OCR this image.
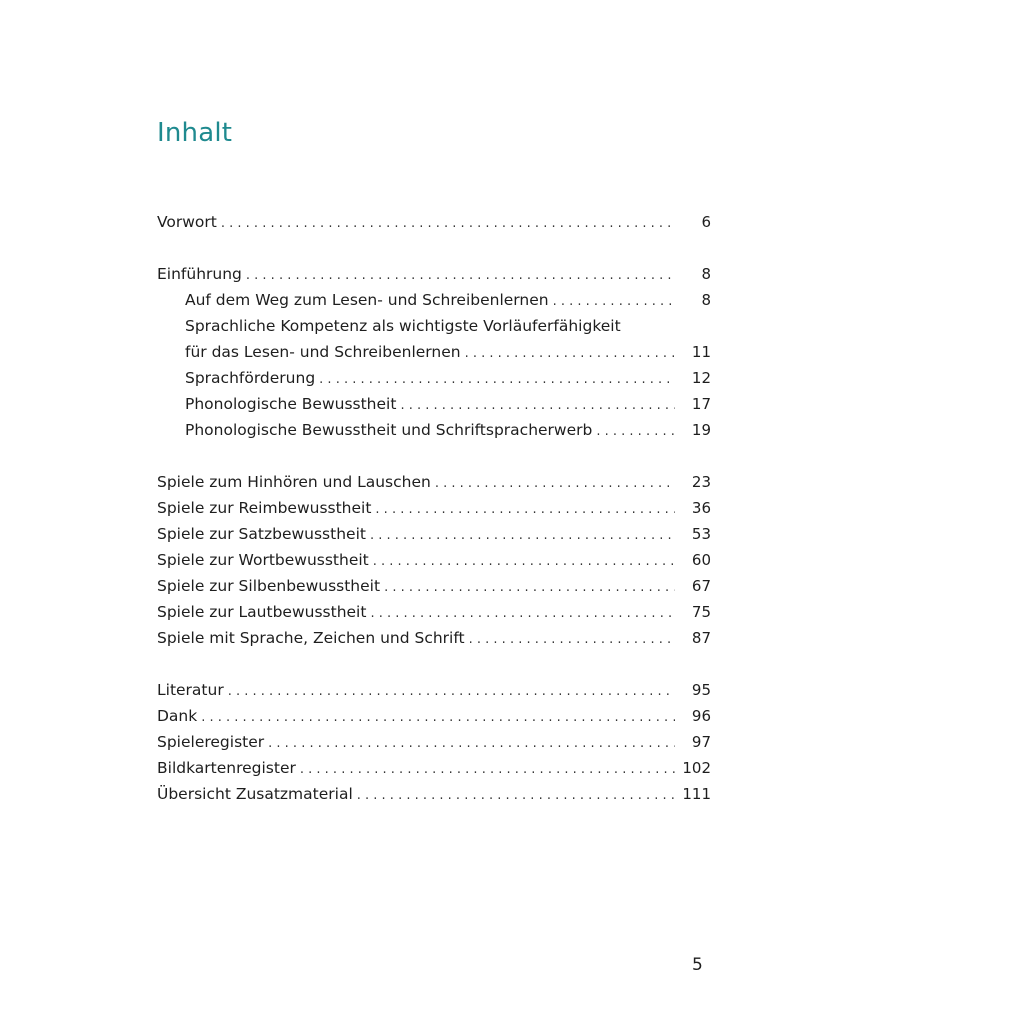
Inhalt
Vorwort . . .	6
Einführung . . .	8
Auf dem Weg zum Lesen- und Schreibenlernen . . .	8
Sprachliche Kompetenz als wichtigste Vorläuferfähigkeit
für das Lesen- und Schreibenlernen . . .	11
Sprachförderung . . .	12
Phonologische Bewusstheit . . .	17
Phonologische Bewusstheit und Schriftspracherwerb . . .	19
Spiele zum Hinhören und Lauschen . . .	23
Spiele zur Reimbewusstheit . . .	36
Spiele zur Satzbewusstheit . . .	53
Spiele zur Wortbewusstheit . . .	60
Spiele zur Silbenbewusstheit . . .	67
Spiele zur Lautbewusstheit . . .	75
Spiele mit Sprache, Zeichen und Schrift . . .	87
Literatur . . .	95
Dank . . .	96
Spieleregister . . .	97
Bildkartenregister . . .	102
Übersicht Zusatzmaterial . . .	111
5
